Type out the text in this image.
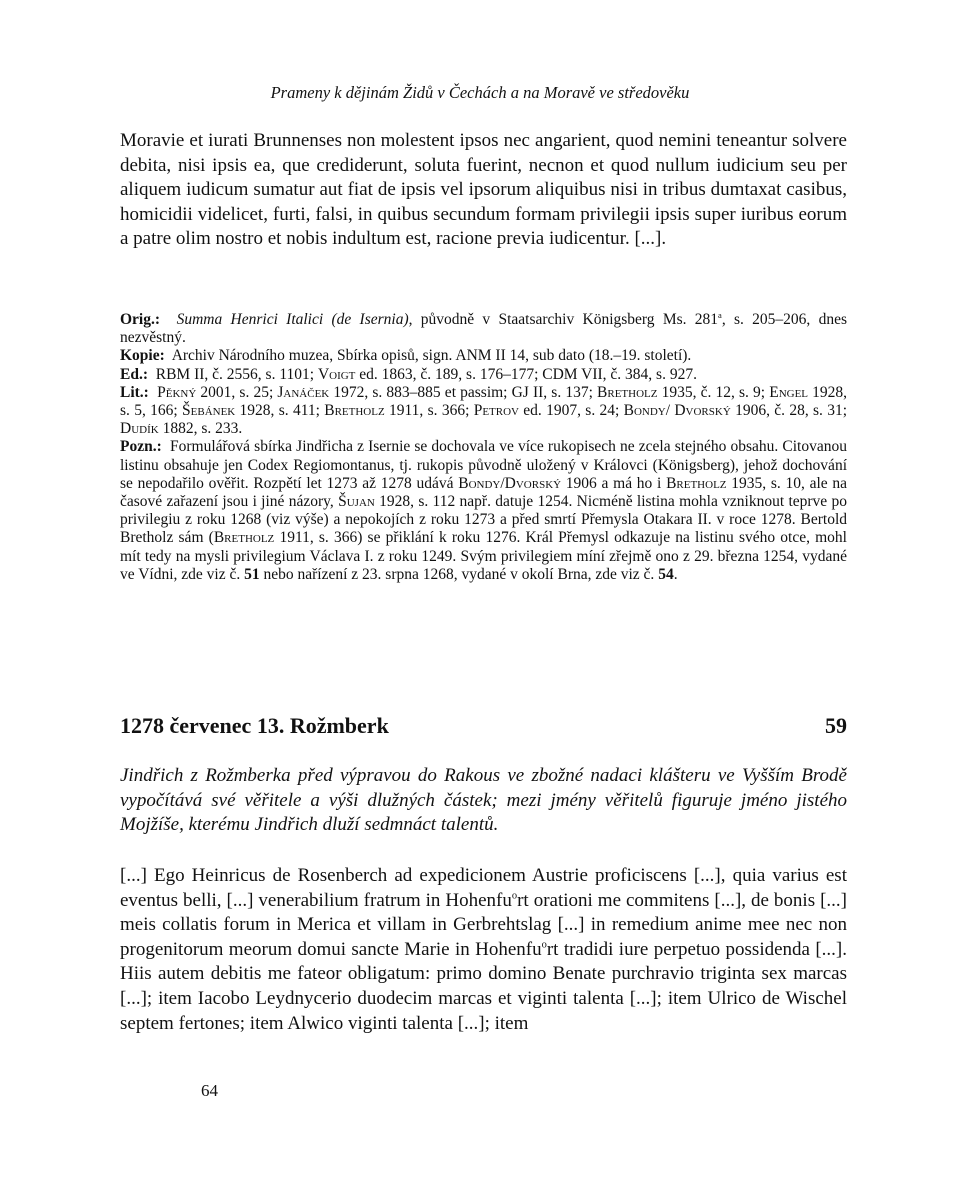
Prameny k dějinám Židů v Čechách a na Moravě ve středověku
Moravie et iurati Brunnenses non molestent ipsos nec angarient, quod nemini teneantur solvere debita, nisi ipsis ea, que crediderunt, soluta fuerint, necnon et quod nullum iudicium seu per aliquem iudicum sumatur aut fiat de ipsis vel ipsorum aliquibus nisi in tribus dumtaxat casibus, homicidii videlicet, furti, falsi, in quibus secundum formam privilegii ipsis super iuribus eorum a patre olim nostro et nobis indultum est, racione previa iudicentur. [...].

Orig.: Summa Henrici Italici (de Isernia), původně v Staatsarchiv Königsberg Ms. 281$^a$, s. 205–206, dnes nezvěstný.

Kopie: Archiv Národního muzea, Sbírka opisů, sign. ANM II 14, sub dato (18.–19. století).

Ed.: RBM II, č. 2556, s. 1101; Voigt ed. 1863, č. 189, s. 176–177; CDM VII, č. 384, s. 927.

Lit.: Pěkný 2001, s. 25; Janáček 1972, s. 883–885 et passim; GJ II, s. 137; Bretholz 1935, č. 12, s. 9; Engel 1928, s. 5, 166; Šebánek 1928, s. 411; Bretholz 1911, s. 366; Petrov ed. 1907, s. 24; Bondy/ Dvorský 1906, č. 28, s. 31; Dudík 1882, s. 233.

Pozn.: Formulářová sbírka Jindřicha z Isernie se dochovala ve více rukopisech ne zcela stejného obsahu. Citovanou listinu obsahuje jen Codex Regiomontanus, tj. rukopis původně uložený v Královci (Königsberg), jehož dochování se nepodařilo ověřit. Rozpětí let 1273 až 1278 udává Bondy/Dvorský 1906 a má ho i Bretholz 1935, s. 10, ale na časové zařazení jsou i jiné názory, Šujan 1928, s. 112 např. datuje 1254. Nicméně listina mohla vzniknout teprve po privilegiu z roku 1268 (viz výše) a nepokojích z roku 1273 a před smrtí Přemysla Otakara II. v roce 1278. Bertold Bretholz sám (Bretholz 1911, s. 366) se přiklání k roku 1276. Král Přemysl odkazuje na listinu svého otce, mohl mít tedy na mysli privilegium Václava I. z roku 1249. Svým privilegiem míní zřejmě ono z 29. března 1254, vydané ve Vídni, zde viz č. 51 nebo nařízení z 23. srpna 1268, vydané v okolí Brna, zde viz č. 54.

1278 červenec 13. Rožmberk	59
Jindřich z Rožmberka před výpravou do Rakous ve zbožné nadaci klášteru ve Vyšším Brodě vypočítává své věřitele a výši dlužných částek; mezi jmény věřitelů figuruje jméno jistého Mojžíše, kterému Jindřich dluží sedmnáct talentů.
[...] Ego Heinricus de Rosenberch ad expedicionem Austrie proficiscens [...], quia varius est eventus belli, [...] venerabilium fratrum in Hohenfu$^o$rt orationi me commitens [...], de bonis [...] meis collatis forum in Merica et villam in Gerbrehtslag [...] in remedium anime mee nec non progenitorum meorum domui sancte Marie in Hohenfu$^o$rt tradidi iure perpetuo possidenda [...]. Hiis autem debitis me fateor obligatum: primo domino Benate purchravio triginta sex marcas [...]; item Iacobo Leydnycerio duodecim marcas et viginti talenta [...]; item Ulrico de Wischel septem fertones; item Alwico viginti talenta [...]; item
64
